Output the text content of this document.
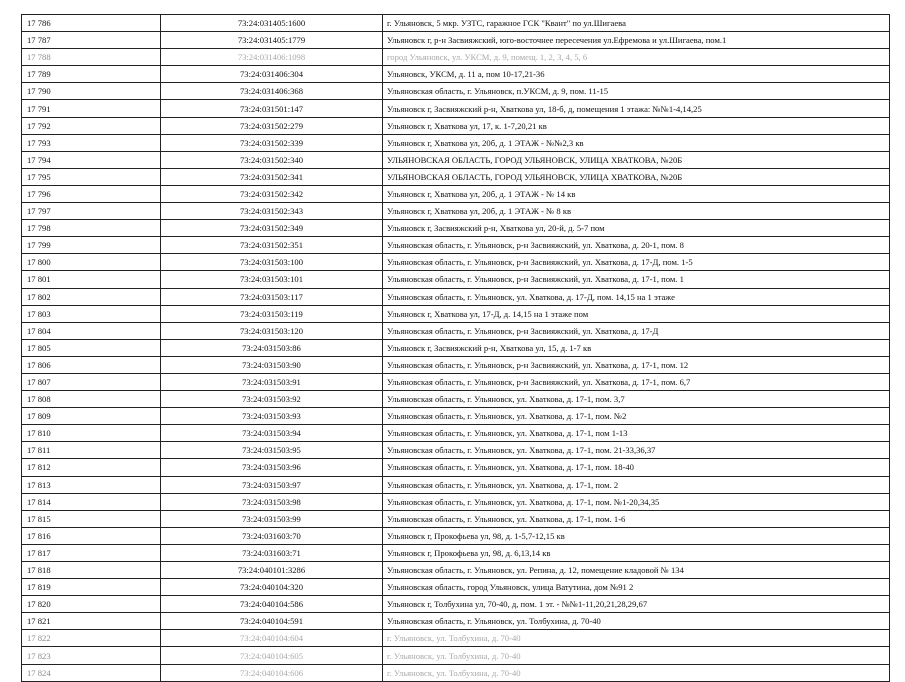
17 786	73:24:031405:1600	г. Ульяновск, 5 мкр. УЗТС, гаражное ГСК "Квант" по ул.Шигаева
17 787	73:24:031405:1779	Ульяновск г, р-н Засвияжский, юго-восточнее пересечения ул.Ефремова и ул.Шигаева, пом.1
17 788	73:24:031406:1098	город Ульяновск, ул. УКСМ, д. 9, помещ. 1, 2, 3, 4, 5, 6
17 789	73:24:031406:304	Ульяновск, УКСМ, д. 11 а, пом 10-17,21-36
17 790	73:24:031406:368	Ульяновская область, г. Ульяновск, п.УКСМ, д. 9, пом. 11-15
17 791	73:24:031501:147	Ульяновск г, Засвияжский р-н, Хваткова ул, 18-б, д, помещения 1 этажа: №№1-4,14,25
17 792	73:24:031502:279	Ульяновск г, Хваткова ул, 17, к. 1-7,20,21 кв
17 793	73:24:031502:339	Ульяновск г, Хваткова ул, 20б, д. 1 ЭТАЖ - №№2,3 кв
17 794	73:24:031502:340	УЛЬЯНОВСКАЯ ОБЛАСТЬ, ГОРОД УЛЬЯНОВСК, УЛИЦА ХВАТКОВА, №20Б
17 795	73:24:031502:341	УЛЬЯНОВСКАЯ ОБЛАСТЬ, ГОРОД УЛЬЯНОВСК, УЛИЦА ХВАТКОВА, №20Б
17 796	73:24:031502:342	Ульяновск г, Хваткова ул, 20б, д. 1 ЭТАЖ - № 14 кв
17 797	73:24:031502:343	Ульяновск г, Хваткова ул, 20б, д. 1 ЭТАЖ - № 8 кв
17 798	73:24:031502:349	Ульяновск г, Засвияжский р-н, Хваткова ул, 20-й, д. 5-7 пом
17 799	73:24:031502:351	Ульяновская область, г. Ульяновск, р-н Засвияжский, ул. Хваткова, д. 20-1, пом. 8
17 800	73:24:031503:100	Ульяновская область, г. Ульяновск, р-н Засвияжский, ул. Хваткова, д. 17-Д, пом. 1-5
17 801	73:24:031503:101	Ульяновская область, г. Ульяновск, р-н Засвияжский, ул. Хваткова, д. 17-1, пом. 1
17 802	73:24:031503:117	Ульяновская область, г. Ульяновск, ул. Хваткова, д. 17-Д, пом. 14,15 на 1 этаже
17 803	73:24:031503:119	Ульяновск г, Хваткова ул, 17-Д, д. 14,15 на 1 этаже пом
17 804	73:24:031503:120	Ульяновская область, г. Ульяновск, р-н Засвияжский, ул. Хваткова, д. 17-Д
17 805	73:24:031503:86	Ульяновск г, Засвияжский р-н, Хваткова ул, 15, д. 1-7 кв
17 806	73:24:031503:90	Ульяновская область, г. Ульяновск, р-н Засвияжский, ул. Хваткова, д. 17-1, пом. 12
17 807	73:24:031503:91	Ульяновская область, г. Ульяновск, р-н Засвияжский, ул. Хваткова, д. 17-1, пом. 6,7
17 808	73:24:031503:92	Ульяновская область, г. Ульяновск, ул. Хваткова, д. 17-1, пом. 3,7
17 809	73:24:031503:93	Ульяновская область, г. Ульяновск, ул. Хваткова, д. 17-1, пом. №2
17 810	73:24:031503:94	Ульяновская область, г. Ульяновск, ул. Хваткова, д. 17-1, пом 1-13
17 811	73:24:031503:95	Ульяновская область, г. Ульяновск, ул. Хваткова, д. 17-1, пом. 21-33,36,37
17 812	73:24:031503:96	Ульяновская область, г. Ульяновск, ул. Хваткова, д. 17-1, пом. 18-40
17 813	73:24:031503:97	Ульяновская область, г. Ульяновск, ул. Хваткова, д. 17-1, пом. 2
17 814	73:24:031503:98	Ульяновская область, г. Ульяновск, ул. Хваткова, д. 17-1, пом. №1-20,34,35
17 815	73:24:031503:99	Ульяновская область, г. Ульяновск, ул. Хваткова, д. 17-1, пом. 1-6
17 816	73:24:031603:70	Ульяновск г, Прокофьева ул, 98, д. 1-5,7-12,15 кв
17 817	73:24:031603:71	Ульяновск г, Прокофьева ул, 98, д. 6,13,14 кв
17 818	73:24:040101:3286	Ульяновская область, г. Ульяновск, ул. Репина, д. 12, помещение кладовой № 134
17 819	73:24:040104:320	Ульяновская область, город Ульяновск, улица Ватутина, дом №91 2
17 820	73:24:040104:586	Ульяновск г, Толбухина ул, 70-40, д, пом. 1 эт. - №№1-11,20,21,28,29,67
17 821	73:24:040104:591	Ульяновская область, г. Ульяновск, ул. Толбухина, д. 70-40
17 822	73:24:040104:604	г. Ульяновск, ул. Толбухина, д. 70-40
17 823	73:24:040104:605	г. Ульяновск, ул. Толбухина, д. 70-40
17 824	73:24:040104:606	г. Ульяновск, ул. Толбухина, д. 70-40
